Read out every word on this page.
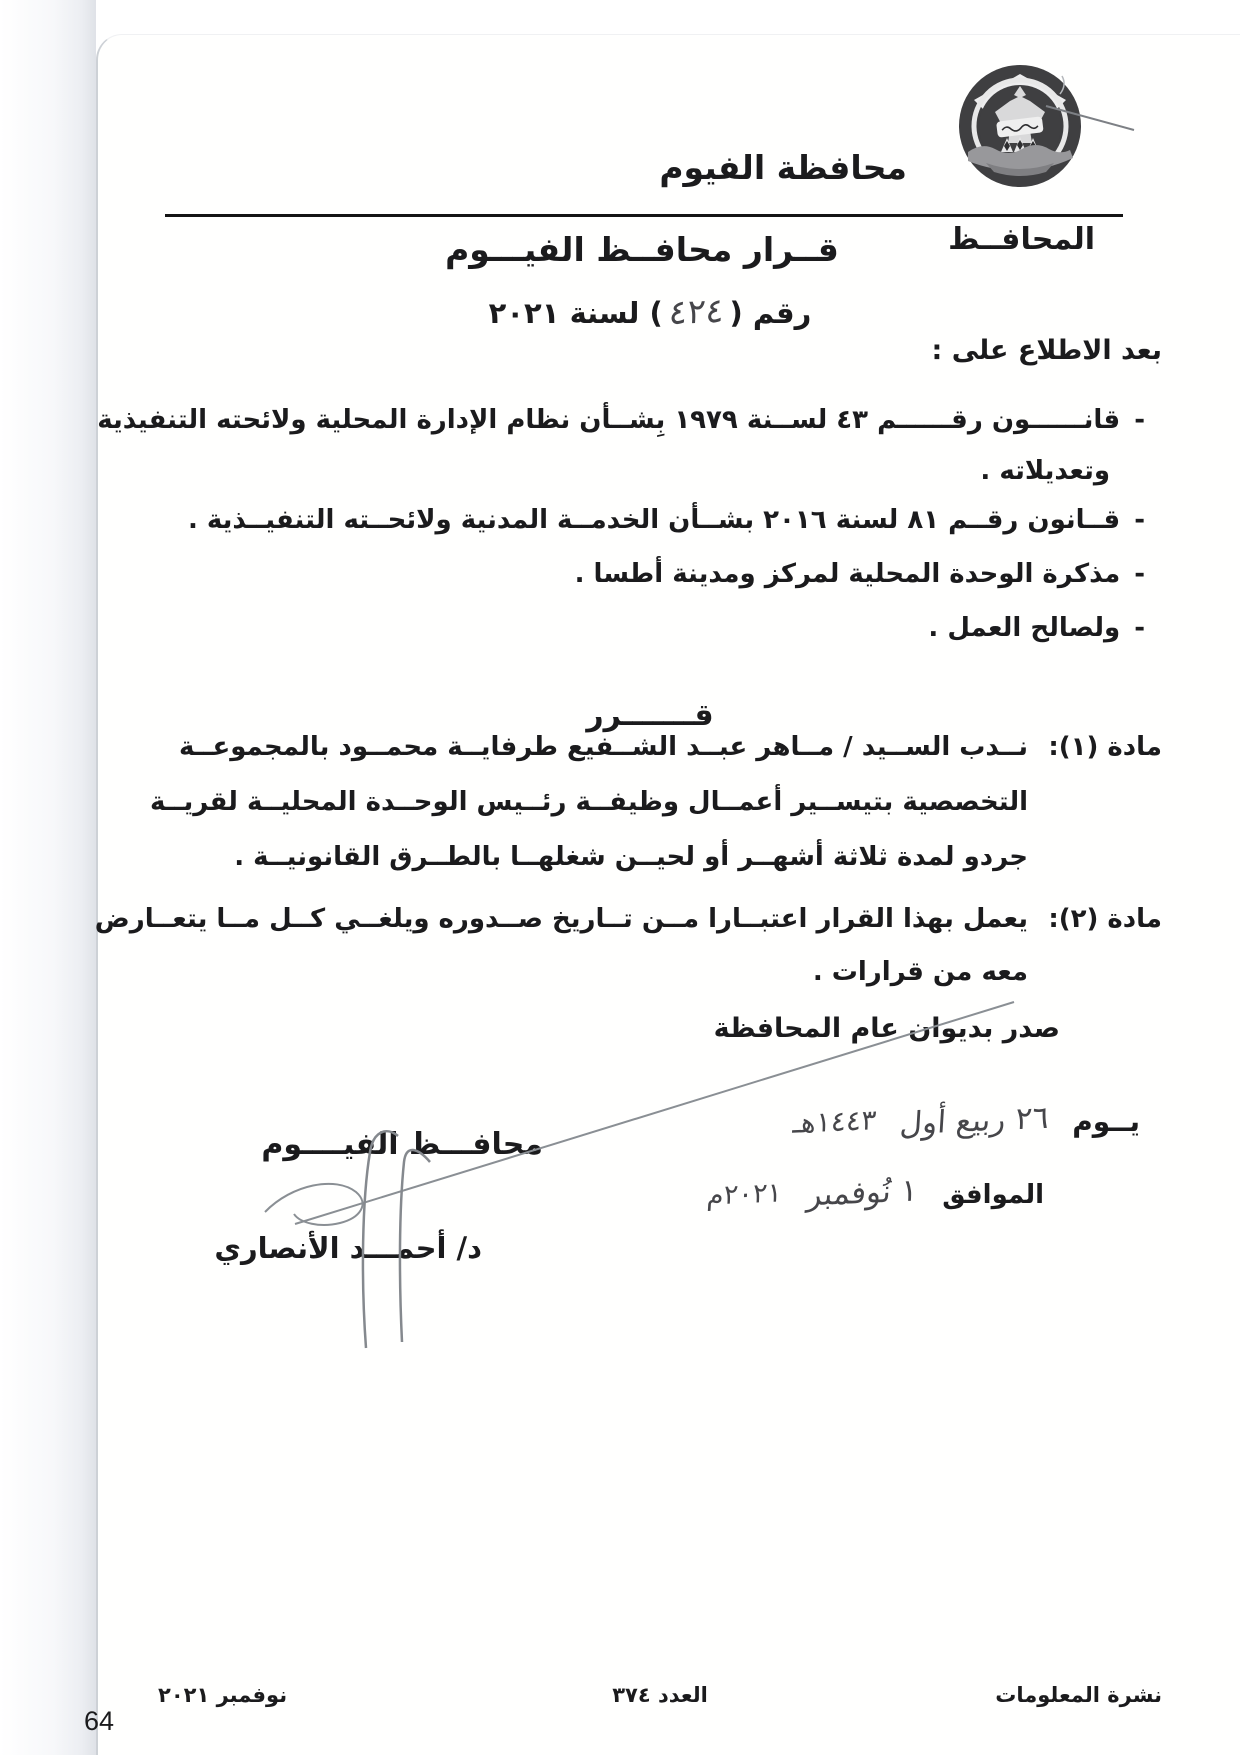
محافظة الفيوم
المحافــظ
قــرار محافــظ الفيـــوم
رقم (٤٢٤) لسنة ٢٠٢١
بعد الاطلاع على :
-قانــــــون رقــــــم ٤٣ لســنة ١٩٧٩ بِشــأن نظام الإدارة المحلية ولائحته التنفيذية
وتعديلاته .
-قــانون رقــم ٨١ لسنة ٢٠١٦ بشــأن الخدمــة المدنية ولائحــته التنفيــذية .
-مذكرة الوحدة المحلية لمركز ومدينة أطسا .
-ولصالح العمل .
قـــــــرر
مادة (١):
نــدب الســيد / مــاهر عبــد الشــفيع طرفايــة محمــود بالمجموعــة
التخصصية بتيســير أعمــال وظيفــة رئــيس الوحــدة المحليــة لقريــة
جردو لمدة ثلاثة أشهــر أو لحيــن شغلهــا بالطــرق القانونيــة .
مادة (٢):
يعمل بهذا القرار اعتبــارا مــن تــاريخ صــدوره ويلغــي كــل مــا يتعــارض
معه من قرارات .
صدر بديوان عام المحافظة
يــوم ٢٦ ربيع أول ١٤٤٣هـ
الموافق ١ نُوفمبر ٢٠٢١م
محافـــظ الفيــــوم
د/ أحمـــد الأنصاري
نشرة المعلومات
العدد ٣٧٤
نوفمبر ٢٠٢١
64
